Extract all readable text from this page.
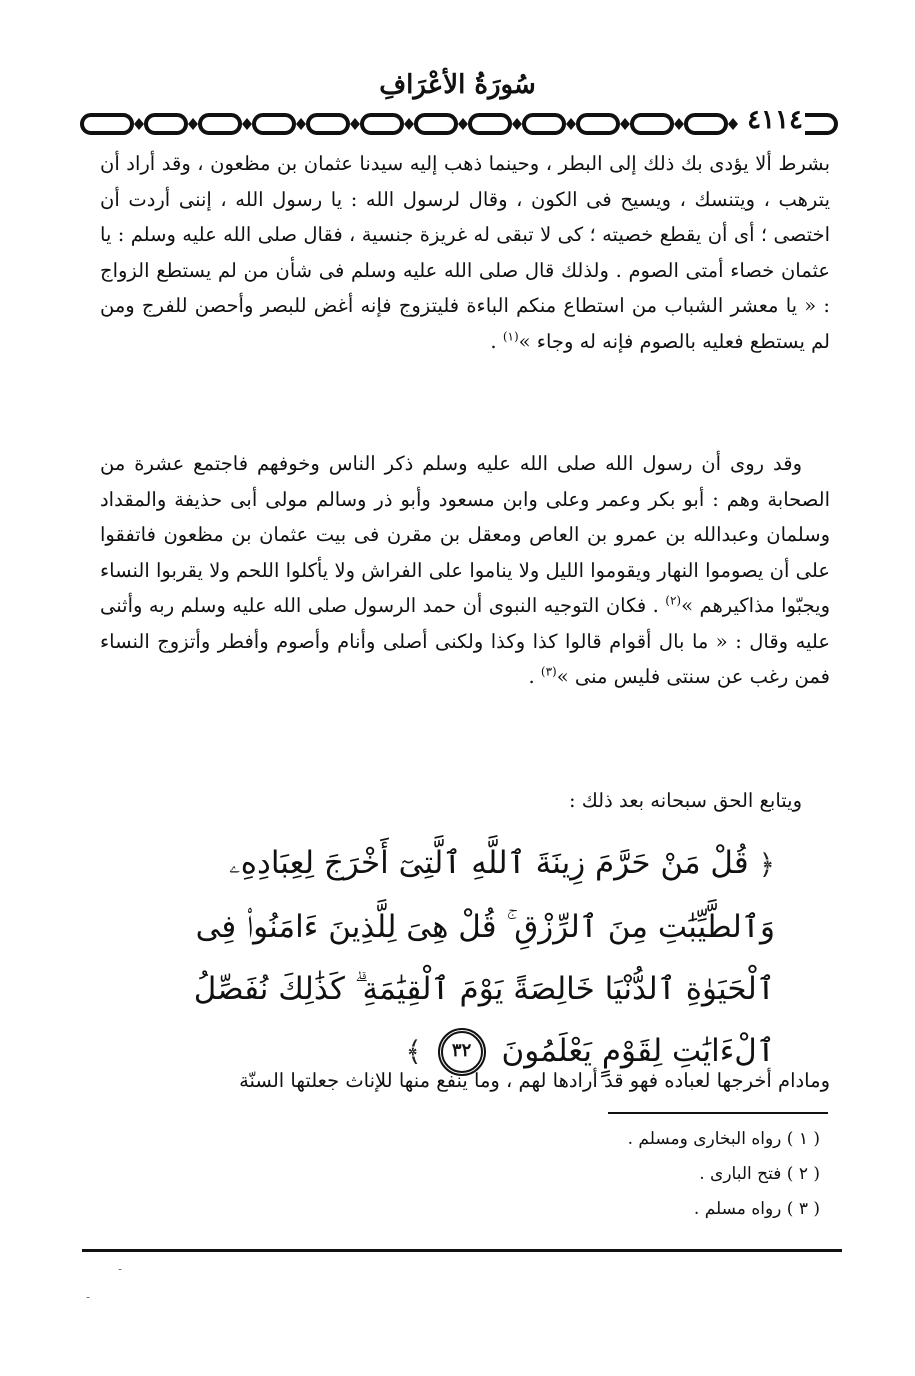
سُورَةُ الأعْرَافِ
٤١١٤

بشرط ألا يؤدى بك ذلك إلى البطر ، وحينما ذهب إليه سيدنا عثمان بن مظعون ، وقد أراد أن يترهب ، ويتنسك ، ويسيح فى الكون ، وقال لرسول الله : يا رسول الله ، إننى أردت أن اختصى ؛ أى أن يقطع خصيته ؛ كى لا تبقى له غريزة جنسية ، فقال صلى الله عليه وسلم : يا عثمان خصاء أمتى الصوم . ولذلك قال صلى الله عليه وسلم فى شأن من لم يستطع الزواج : « يا معشر الشباب من استطاع منكم الباءة فليتزوج فإنه أغض للبصر وأحصن للفرج ومن لم يستطع فعليه بالصوم فإنه له وجاء »$^{(١)}$ .

وقد روى أن رسول الله صلى الله عليه وسلم ذكر الناس وخوفهم فاجتمع عشرة من الصحابة وهم : أبو بكر وعمر وعلى وابن مسعود وأبو ذر وسالم مولى أبى حذيفة والمقداد وسلمان وعبدالله بن عمرو بن العاص ومعقل بن مقرن فى بيت عثمان بن مظعون فاتفقوا على أن يصوموا النهار ويقوموا الليل ولا يناموا على الفراش ولا يأكلوا اللحم ولا يقربوا النساء ويجبّوا مذاكيرهم »$^{(٢)}$ . فكان التوجيه النبوى أن حمد الرسول صلى الله عليه وسلم ربه وأثنى عليه وقال : « ما بال أقوام قالوا كذا وكذا ولكنى أصلى وأنام وأصوم وأفطر وأتزوج النساء فمن رغب عن سنتى فليس منى »$^{(٣)}$ .

ويتابع الحق سبحانه بعد ذلك :

﴿ قُلْ مَنْ حَرَّمَ زِينَةَ ٱللَّهِ ٱلَّتِىٓ أَخْرَجَ لِعِبَادِهِۦ وَٱلطَّيِّبَٰتِ مِنَ ٱلرِّزْقِ ۚ قُلْ هِىَ لِلَّذِينَ ءَامَنُوا۟ فِى ٱلْحَيَوٰةِ ٱلدُّنْيَا خَالِصَةً يَوْمَ ٱلْقِيَٰمَةِ ۗ كَذَٰلِكَ نُفَصِّلُ ٱلْءَايَٰتِ لِقَوْمٍ يَعْلَمُونَ ٣٢ ﴾
ومادام أخرجها لعباده فهو قد أرادها لهم ، وما ينفع منها للإناث جعلتها السنّة
( ١ ) رواه البخارى ومسلم .
( ٢ ) فتح البارى .
( ٣ ) رواه مسلم .
-
-
